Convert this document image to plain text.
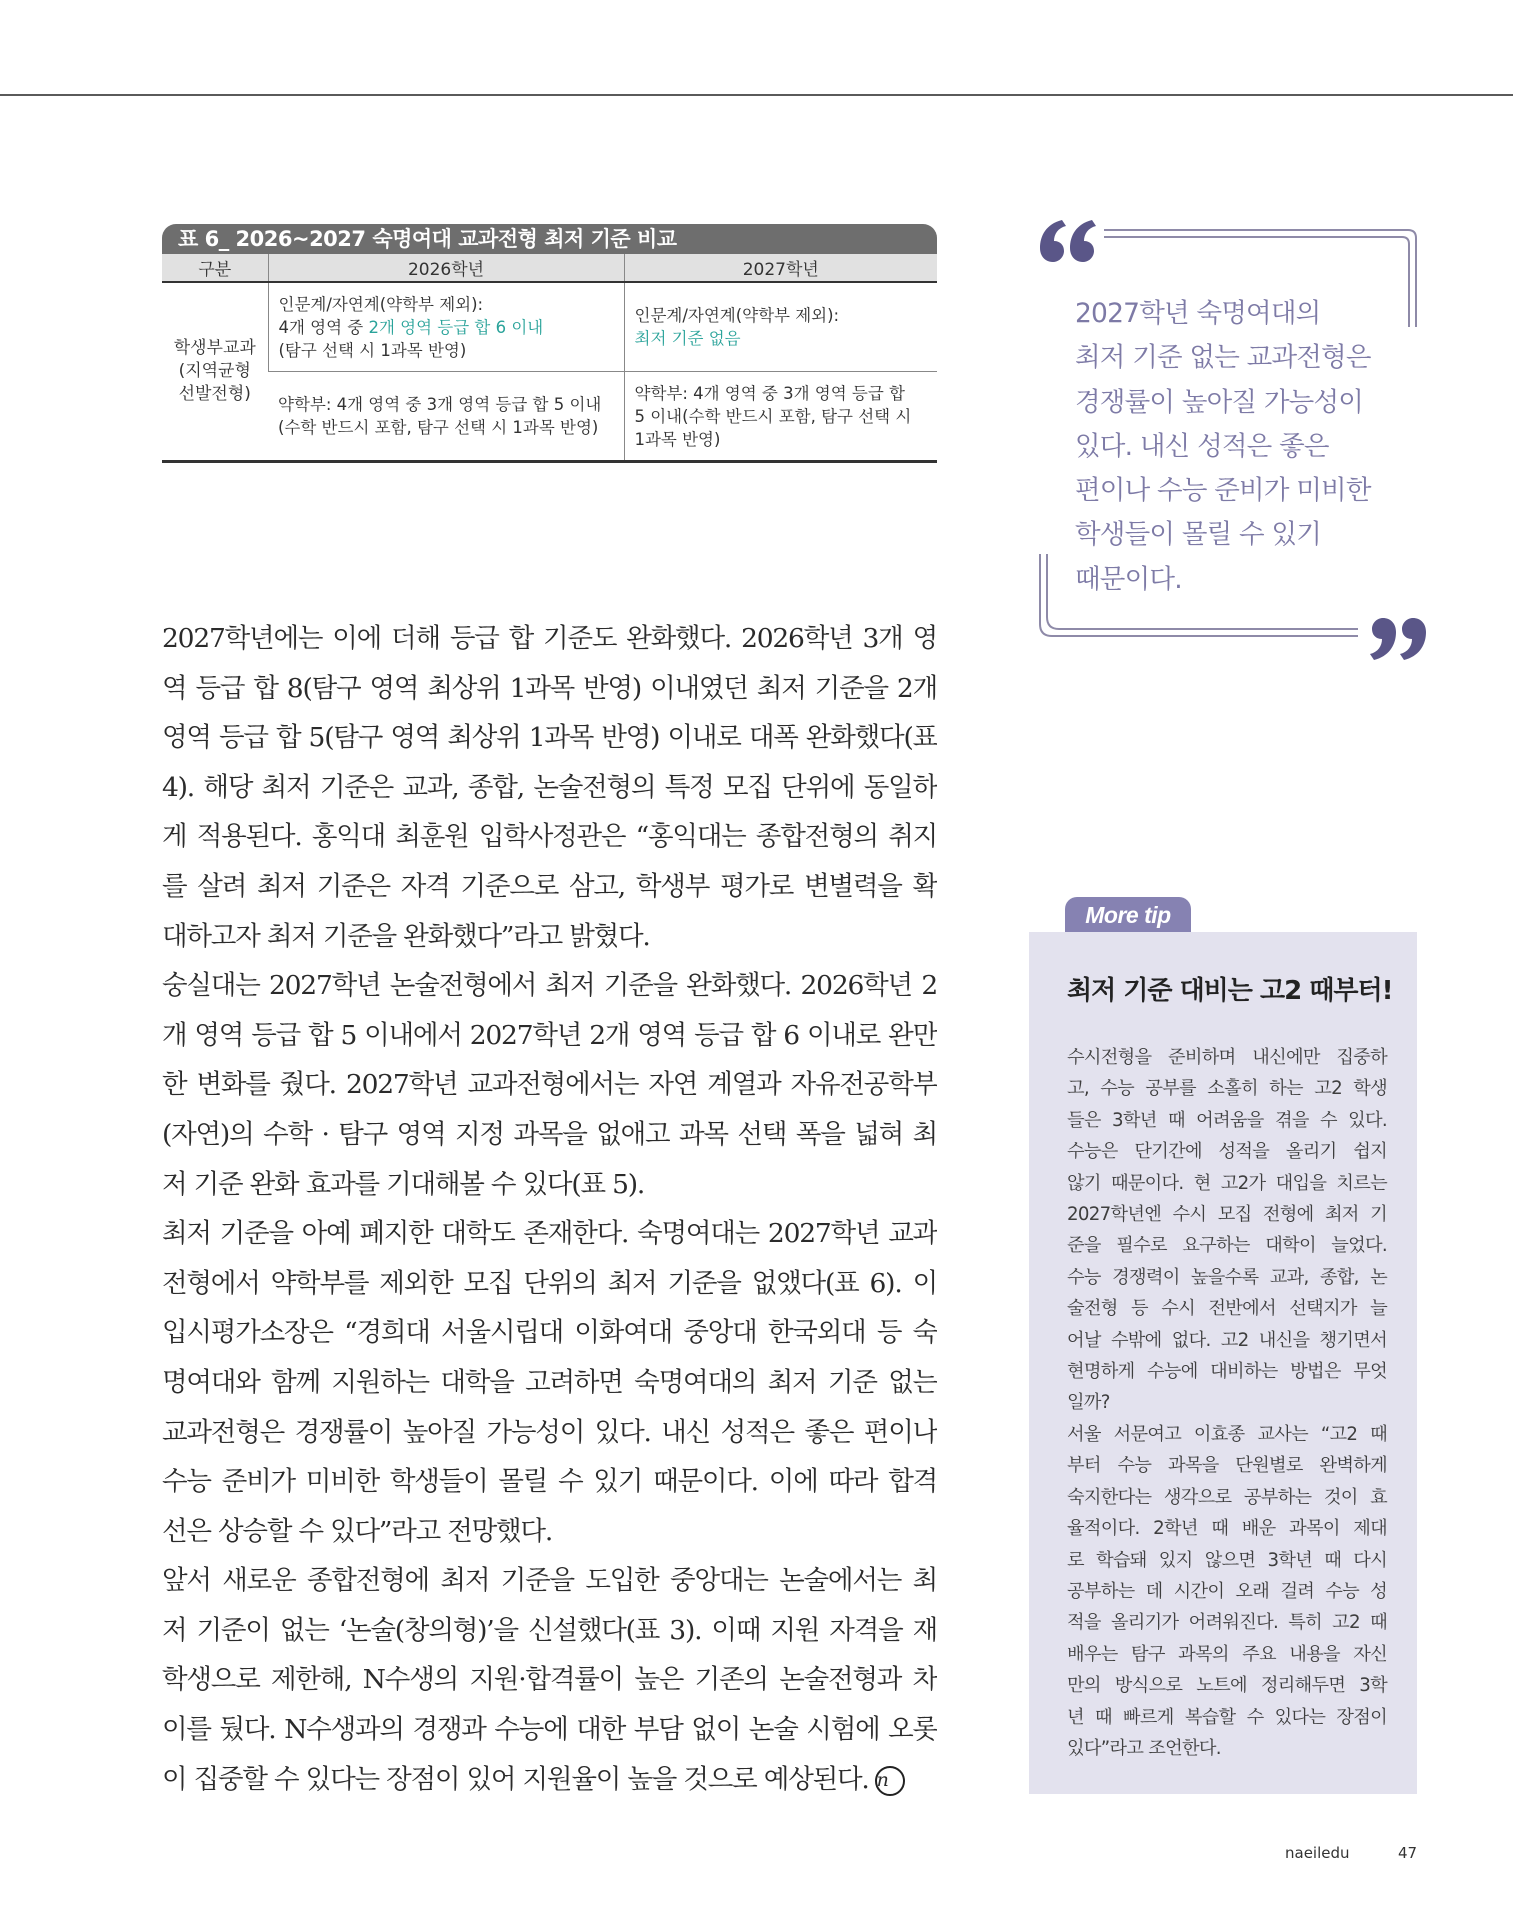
표 6_ 2026~2027 숙명여대 교과전형 최저 기준 비교
구분	2026학년	2027학년

학생부교과
(지역균형
선발전형)	인문계/자연계(약학부 제외):
4개 영역 중 2개 영역 등급 합 6 이내
(탐구 선택 시 1과목 반영)	인문계/자연계(약학부 제외):
최저 기준 없음

	약학부: 4개 영역 중 3개 영역 등급 합 5 이내
(수학 반드시 포함, 탐구 선택 시 1과목 반영)	약학부: 4개 영역 중 3개 영역 등급 합
5 이내(수학 반드시 포함, 탐구 선택 시
1과목 반영)
2027학년에는 이에 더해 등급 합 기준도 완화했다. 2026학년 3개 영
역 등급 합 8(탐구 영역 최상위 1과목 반영) 이내였던 최저 기준을 2개
영역 등급 합 5(탐구 영역 최상위 1과목 반영) 이내로 대폭 완화했다(표
4). 해당 최저 기준은 교과, 종합, 논술전형의 특정 모집 단위에 동일하
게 적용된다. 홍익대 최훈원 입학사정관은 “홍익대는 종합전형의 취지
를 살려 최저 기준은 자격 기준으로 삼고, 학생부 평가로 변별력을 확
대하고자 최저 기준을 완화했다”라고 밝혔다.
숭실대는 2027학년 논술전형에서 최저 기준을 완화했다. 2026학년 2
개 영역 등급 합 5 이내에서 2027학년 2개 영역 등급 합 6 이내로 완만
한 변화를 줬다. 2027학년 교과전형에서는 자연 계열과 자유전공학부
(자연)의 수학 · 탐구 영역 지정 과목을 없애고 과목 선택 폭을 넓혀 최
저 기준 완화 효과를 기대해볼 수 있다(표 5).
최저 기준을 아예 폐지한 대학도 존재한다. 숙명여대는 2027학년 교과
전형에서 약학부를 제외한 모집 단위의 최저 기준을 없앴다(표 6). 이
입시평가소장은 “경희대 서울시립대 이화여대 중앙대 한국외대 등 숙
명여대와 함께 지원하는 대학을 고려하면 숙명여대의 최저 기준 없는
교과전형은 경쟁률이 높아질 가능성이 있다. 내신 성적은 좋은 편이나
수능 준비가 미비한 학생들이 몰릴 수 있기 때문이다. 이에 따라 합격
선은 상승할 수 있다”라고 전망했다.
앞서 새로운 종합전형에 최저 기준을 도입한 중앙대는 논술에서는 최
저 기준이 없는 ‘논술(창의형)’을 신설했다(표 3). 이때 지원 자격을 재
학생으로 제한해, N수생의 지원·합격률이 높은 기존의 논술전형과 차
이를 뒀다. N수생과의 경쟁과 수능에 대한 부담 없이 논술 시험에 오롯
이 집중할 수 있다는 장점이 있어 지원율이 높을 것으로 예상된다. n
2027학년 숙명여대의
최저 기준 없는 교과전형은
경쟁률이 높아질 가능성이
있다. 내신 성적은 좋은
편이나 수능 준비가 미비한
학생들이 몰릴 수 있기
때문이다.
More tip
최저 기준 대비는 고2 때부터!
수시전형을 준비하며 내신에만 집중하
고, 수능 공부를 소홀히 하는 고2 학생
들은 3학년 때 어려움을 겪을 수 있다.
수능은 단기간에 성적을 올리기 쉽지
않기 때문이다. 현 고2가 대입을 치르는
2027학년엔 수시 모집 전형에 최저 기
준을 필수로 요구하는 대학이 늘었다.
수능 경쟁력이 높을수록 교과, 종합, 논
술전형 등 수시 전반에서 선택지가 늘
어날 수밖에 없다. 고2 내신을 챙기면서
현명하게 수능에 대비하는 방법은 무엇
일까?
서울 서문여고 이효종 교사는 “고2 때
부터 수능 과목을 단원별로 완벽하게
숙지한다는 생각으로 공부하는 것이 효
율적이다. 2학년 때 배운 과목이 제대
로 학습돼 있지 않으면 3학년 때 다시
공부하는 데 시간이 오래 걸려 수능 성
적을 올리기가 어려워진다. 특히 고2 때
배우는 탐구 과목의 주요 내용을 자신
만의 방식으로 노트에 정리해두면 3학
년 때 빠르게 복습할 수 있다는 장점이
있다”라고 조언한다.
naeiledu	47
